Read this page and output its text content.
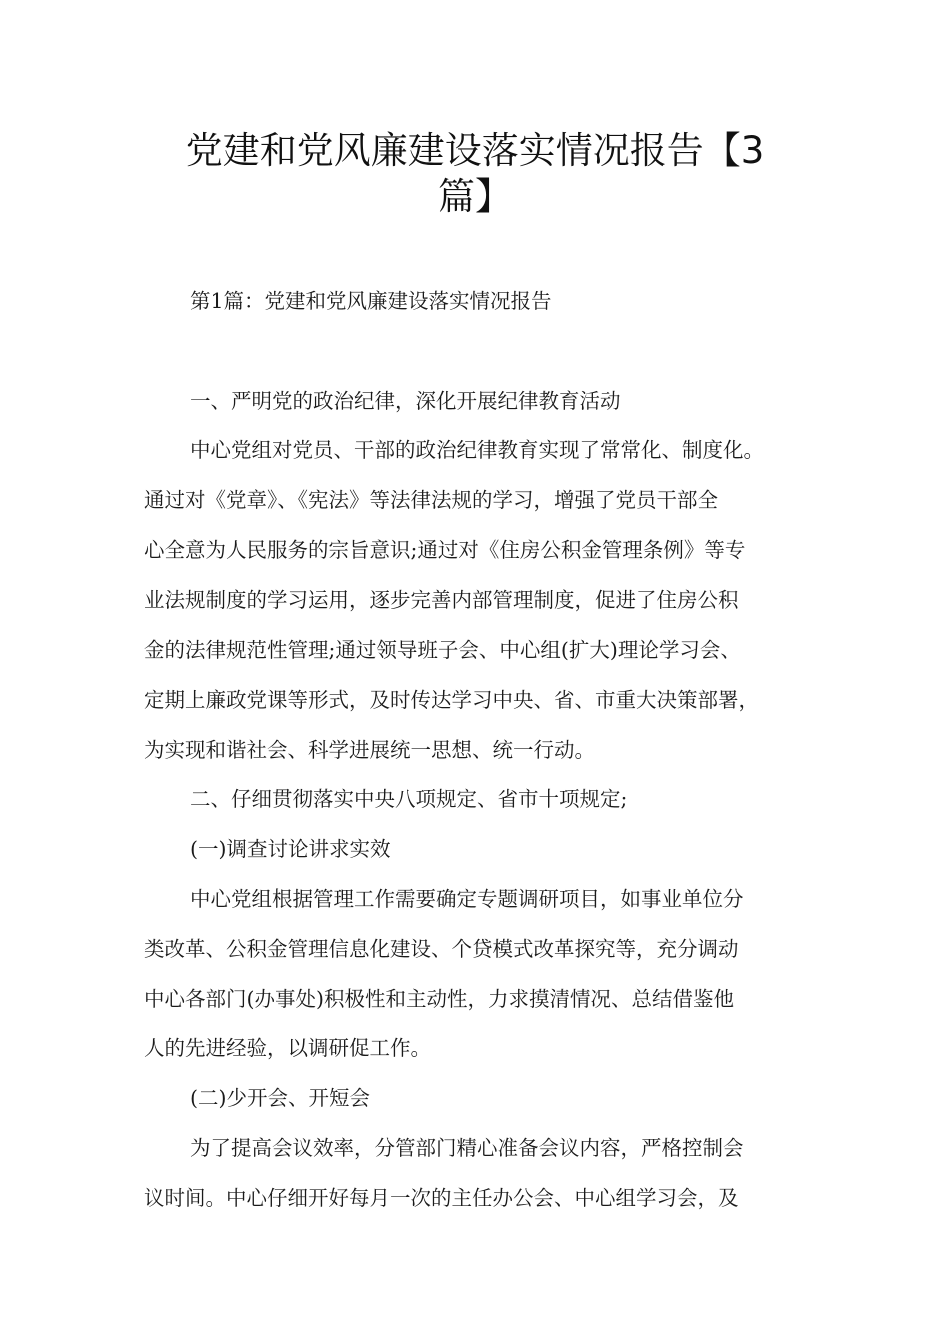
党建和党风廉建设落实情况报告【3
篇】

第1篇：党建和党风廉建设落实情况报告

一、严明党的政治纪律，深化开展纪律教育活动

中心党组对党员、干部的政治纪律教育实现了常常化、制度化。

通过对《党章》、《宪法》等法律法规的学习，增强了党员干部全

心全意为人民服务的宗旨意识;通过对《住房公积金管理条例》等专

业法规制度的学习运用，逐步完善内部管理制度，促进了住房公积

金的法律规范性管理;通过领导班子会、中心组(扩大)理论学习会、

定期上廉政党课等形式，及时传达学习中央、省、市重大决策部署，

为实现和谐社会、科学进展统一思想、统一行动。

二、仔细贯彻落实中央八项规定、省市十项规定;

(一)调查讨论讲求实效

中心党组根据管理工作需要确定专题调研项目，如事业单位分

类改革、公积金管理信息化建设、个贷模式改革探究等，充分调动

中心各部门(办事处)积极性和主动性，力求摸清情况、总结借鉴他

人的先进经验，以调研促工作。

(二)少开会、开短会

为了提高会议效率，分管部门精心准备会议内容，严格控制会

议时间。中心仔细开好每月一次的主任办公会、中心组学习会，及
